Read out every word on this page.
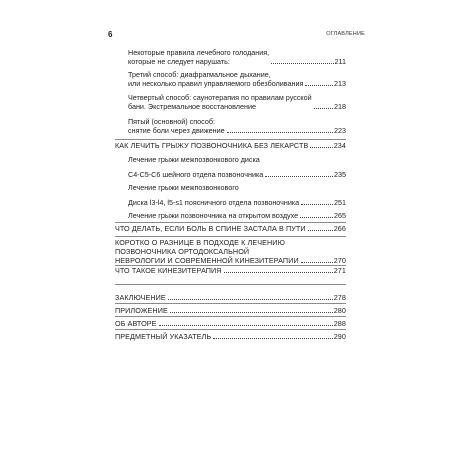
6	ОГЛАВЛЕНИЕ
Некоторые правила лечебного голодания,
которые не следует нарушать:	211
Третий способ: диафрагмальное дыхание,
или несколько правил управляемого обезболивания	213
Четвертый способ: саунотерапия по правилам русской
бани. Экстремальное восстановление	218
Пятый (основной) способ:
снятие боли через движение	223
КАК ЛЕЧИТЬ ГРЫЖУ ПОЗВОНОЧНИКА БЕЗ ЛЕКАРСТВ	234
Лечение грыжи межпозвонкового диска
С4-С5-С6 шейного отдела позвоночника	235
Лечение грыжи межпозвонкового
Диска l3-l4, l5-s1 поясничного отдела позвоночника	251
Лечение грыжи позвоночника на открытом воздухе	265
ЧТО ДЕЛАТЬ, ЕСЛИ БОЛЬ В СПИНЕ ЗАСТАЛА В ПУТИ	266
КОРОТКО О РАЗНИЦЕ В ПОДХОДЕ К ЛЕЧЕНИЮ
ПОЗВОНОЧНИКА ОРТОДОКСАЛЬНОЙ
НЕВРОЛОГИИ И СОВРЕМЕННОЙ КИНЕЗИТЕРАПИИ	270
ЧТО ТАКОЕ КИНЕЗИТЕРАПИЯ	271
ЗАКЛЮЧЕНИЕ	278
ПРИЛОЖЕНИЕ	280
ОБ АВТОРЕ	288
ПРЕДМЕТНЫЙ УКАЗАТЕЛЬ	290
